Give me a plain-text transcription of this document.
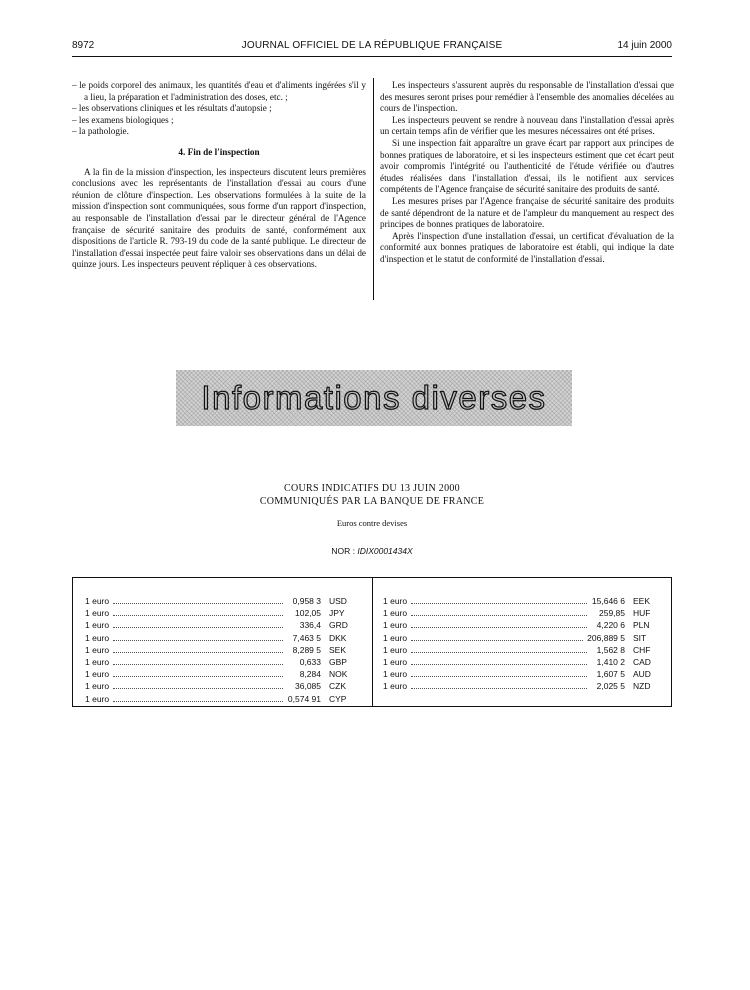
8972	JOURNAL OFFICIEL DE LA RÉPUBLIQUE FRANÇAISE	14 juin 2000

– le poids corporel des animaux, les quantités d'eau et d'aliments ingérées s'il y a lieu, la préparation et l'administration des doses, etc. ;

– les observations cliniques et les résultats d'autopsie ;

– les examens biologiques ;

– la pathologie.

4. Fin de l'inspection

A la fin de la mission d'inspection, les inspecteurs discutent leurs premières conclusions avec les représentants de l'installation d'essai au cours d'une réunion de clôture d'inspection. Les observations formulées à la suite de la mission d'inspection sont communiquées, sous forme d'un rapport d'inspection, au responsable de l'installation d'essai par le directeur général de l'Agence française de sécurité sanitaire des produits de santé, conformément aux dispositions de l'article R. 793-19 du code de la santé publique. Le directeur de l'installation d'essai inspectée peut faire valoir ses observations dans un délai de quinze jours. Les inspecteurs peuvent répliquer à ces observations.

Les inspecteurs s'assurent auprès du responsable de l'installation d'essai que des mesures seront prises pour remédier à l'ensemble des anomalies décelées au cours de l'inspection.

Les inspecteurs peuvent se rendre à nouveau dans l'installation d'essai après un certain temps afin de vérifier que les mesures nécessaires ont été prises.

Si une inspection fait apparaître un grave écart par rapport aux principes de bonnes pratiques de laboratoire, et si les inspecteurs estiment que cet écart peut avoir compromis l'intégrité ou l'authenticité de l'étude vérifiée ou d'autres études réalisées dans l'installation d'essai, ils le notifient aux services compétents de l'Agence française de sécurité sanitaire des produits de santé.

Les mesures prises par l'Agence française de sécurité sanitaire des produits de santé dépendront de la nature et de l'ampleur du manquement au respect des principes de bonnes pratiques de laboratoire.

Après l'inspection d'une installation d'essai, un certificat d'évaluation de la conformité aux bonnes pratiques de laboratoire est établi, qui indique la date d'inspection et le statut de conformité de l'installation d'essai.

Informations diverses
COURS INDICATIFS DU 13 JUIN 2000
COMMUNIQUÉS PAR LA BANQUE DE FRANCE
Euros contre devises
NOR : IDIX0001434X
1 euro	0,958 3 USD
1 euro	102,05 JPY
1 euro	336,4 GRD
1 euro	7,463 5 DKK
1 euro	8,289 5 SEK
1 euro	0,633 GBP
1 euro	8,284 NOK
1 euro	36,085 CZK
1 euro	0,574 91 CYP
1 euro	15,646 6 EEK
1 euro	259,85 HUF
1 euro	4,220 6 PLN
1 euro	206,889 5 SIT
1 euro	1,562 8 CHF
1 euro	1,410 2 CAD
1 euro	1,607 5 AUD
1 euro	2,025 5 NZD
